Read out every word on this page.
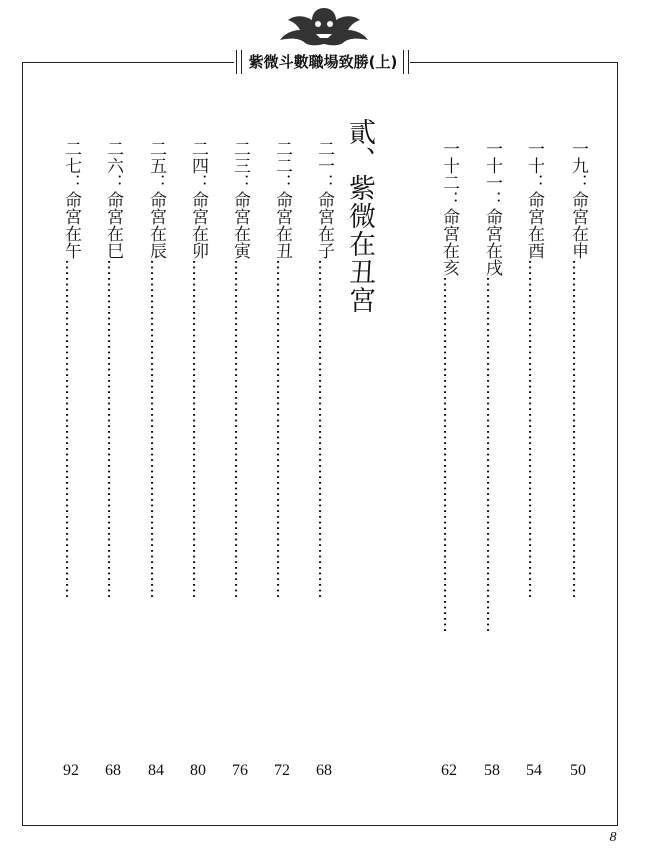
紫微斗數職場致勝(上)
一九：命宮在申……………………………………………………
50
一十：命宮在酉……………………………………………………
54
一十一：命宮在戌………………………………………………………
58
一十二：命宮在亥………………………………………………………
62
貳、紫微在丑宮
二一：命宮在子……………………………………………………
68
二二：命宮在丑……………………………………………………
72
二三：命宮在寅……………………………………………………
76
二四：命宮在卯……………………………………………………
80
二五：命宮在辰……………………………………………………
84
二六：命宮在巳……………………………………………………
68
二七：命宮在午……………………………………………………
92
8
